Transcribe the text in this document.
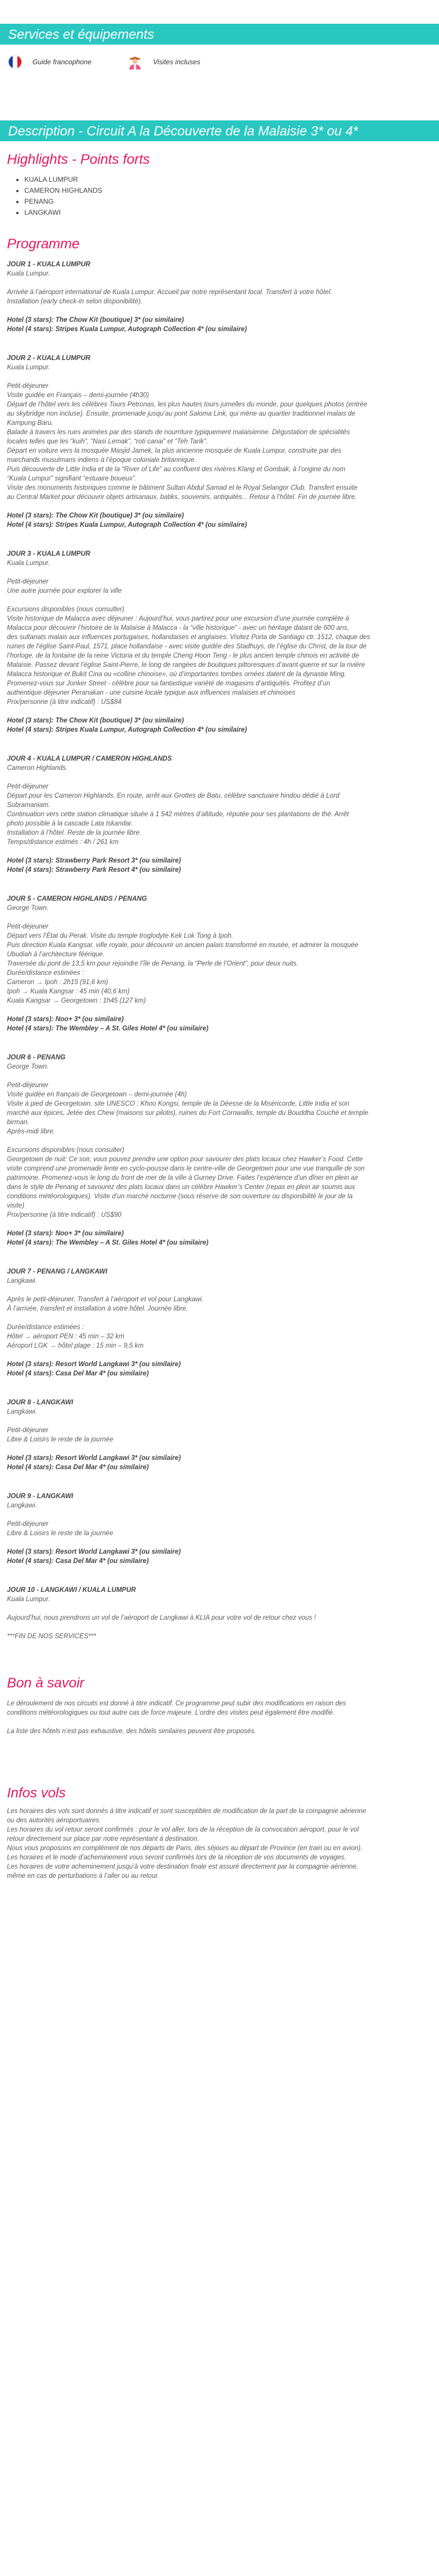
Services et équipements
Guide francophone	Visites incluses
Description - Circuit A la Découverte de la Malaisie 3* ou 4*
Highlights - Points forts
• KUALA LUMPUR
• CAMERON HIGHLANDS
• PENANG
• LANGKAWI
Programme
JOUR 1 - KUALA LUMPUR
Kuala Lumpur.
Arrivée à l’aéroport international de Kuala Lumpur. Accueil par notre représentant local. Transfert à votre hôtel.
Installation (early check-in selon disponibilité).
Hotel (3 stars): The Chow Kit (boutique) 3* (ou similaire)
Hotel (4 stars): Stripes Kuala Lumpur, Autograph Collection 4* (ou similaire)
JOUR 2 - KUALA LUMPUR
Kuala Lumpur.
Petit-déjeuner
Visite guidée en Français – demi-journée (4h30)
Départ de l’hôtel vers les célèbres Tours Petronas, les plus hautes tours jumelles du monde, pour quelques photos (entrée
au skybridge non incluse). Ensuite, promenade jusqu’au pont Saloma Link, qui mène au quartier traditionnel malais de
Kampung Baru.
Balade à travers les rues animées par des stands de nourriture typiquement malaisienne. Dégustation de spécialités
locales telles que les “kuih”, “Nasi Lemak”, “roti canai” et “Teh Tarik”.
Départ en voiture vers la mosquée Masjid Jamek, la plus ancienne mosquée de Kuala Lumpur, construite par des
marchands musulmans indiens à l’époque coloniale britannique.
Puis découverte de Little India et de la “River of Life” au confluent des rivières Klang et Gombak, à l’origine du nom
“Kuala Lumpur” signifiant “estuaire boueux”.
Visite des monuments historiques comme le bâtiment Sultan Abdul Samad et le Royal Selangor Club. Transfert ensuite
au Central Market pour découvrir objets artisanaux, batiks, souvenirs, antiquités... Retour à l’hôtel. Fin de journée libre.
Hotel (3 stars): The Chow Kit (boutique) 3* (ou similaire)
Hotel (4 stars): Stripes Kuala Lumpur, Autograph Collection 4* (ou similaire)
JOUR 3 - KUALA LUMPUR
Kuala Lumpur.
Petit-déjeuner
Une autre journée pour explorer la ville
Excursions disponibles (nous consulter)
Visite historique de Malacca avec déjeuner : Aujourd’hui, vous partirez pour une excursion d’une journée complète à
Malacca pour découvrir l’histoire de la Malaisie à Malacca - la “ville historique” - avec un héritage datant de 600 ans,
des sultanats malais aux influences portugaises, hollandaises et anglaises. Visitez Porta de Santiago ctr. 1512, chaque des
ruines de l’église Saint-Paul, 1571, place hollandaise - avec visite guidée des Stadhuys, de l’église du Christ, de la tour de
l’horloge, de la fontaine de la reine Victoria et du temple Cheng Hoon Teng - le plus ancien temple chinois en activité de
Malaisie. Passez devant l’église Saint-Pierre, le long de rangées de boutiques pittoresques d’avant-guerre et sur la rivière
Malacca historique et Bukit Cina ou «colline chinoise», où d’importantes tombes ornées datent de la dynastie Ming.
Promenez-vous sur Jonker Street - célèbre pour sa fantastique variété de magasins d’antiquités. Profitez d’un
authentique déjeuner Peranakan - une cuisine locale typique aux influences malaises et chinoises
Prix/personne (à titre indicatif) : US$84
Hotel (3 stars): The Chow Kit (boutique) 3* (ou similaire)
Hotel (4 stars): Stripes Kuala Lumpur, Autograph Collection 4* (ou similaire)
JOUR 4 - KUALA LUMPUR / CAMERON HIGHLANDS
Cameron Highlands.
Petit-déjeuner
Départ pour les Cameron Highlands. En route, arrêt aux Grottes de Batu, célèbre sanctuaire hindou dédié à Lord
Subramaniam.
Continuation vers cette station climatique située à 1 542 mètres d’altitude, réputée pour ses plantations de thé. Arrêt
photo possible à la cascade Lata Iskandar.
Installation à l’hôtel. Reste de la journée libre.
Temps/distance estimés : 4h / 261 km
Hotel (3 stars): Strawberry Park Resort 3* (ou similaire)
Hotel (4 stars): Strawberry Park Resort 4* (ou similaire)
JOUR 5 - CAMERON HIGHLANDS / PENANG
George Town.
Petit-déjeuner
Départ vers l’État du Perak. Visite du temple troglodyte Kek Lok Tong à Ipoh.
Puis direction Kuala Kangsar, ville royale, pour découvrir un ancien palais transformé en musée, et admirer la mosquée
Ubudiah à l’architecture féérique.
Traversée du pont de 13,5 km pour rejoindre l’île de Penang, la “Perle de l’Orient”, pour deux nuits.
Durée/distance estimées :
Cameron → Ipoh : 2h15 (91,6 km)
Ipoh → Kuala Kangsar : 45 min (40,6 km)
Kuala Kangsar → Georgetown : 1h45 (127 km)
Hotel (3 stars): Noo+ 3* (ou similaire)
Hotel (4 stars): The Wembley – A St. Giles Hotel 4* (ou similaire)
JOUR 6 - PENANG
George Town.
Petit-déjeuner
Visite guidée en français de Georgetown – demi-journée (4h)
Visite à pied de Georgetown, site UNESCO : Khoo Kongsi, temple de la Déesse de la Miséricorde, Little India et son
marché aux épices, Jetée des Chew (maisons sur pilotis), ruines du Fort Cornwallis, temple du Bouddha Couché et temple
birman.
Après-midi libre.
Excursions disponibles (nous consulter)
Georgetown de nuit: Ce soir, vous pouvez prendre une option pour savourer des plats locaux chez Hawker’s Food. Cette
visite comprend une promenade lente en cyclo-pousse dans le centre-ville de Georgetown pour une vue tranquille de son
patrimoine. Promenez-vous le long du front de mer de la ville à Gurney Drive. Faites l’expérience d’un dîner en plein air
dans le style de Penang et savourez des plats locaux dans un célèbre Hawker’s Center (repas en plein air soumis aux
conditions météorologiques). Visite d’un marché nocturne (sous réserve de son ouverture ou disponibilité le jour de la
visite)
Prix/personne (à titre indicatif) : US$90
Hotel (3 stars): Noo+ 3* (ou similaire)
Hotel (4 stars): The Wembley – A St. Giles Hotel 4* (ou similaire)
JOUR 7 - PENANG / LANGKAWI
Langkawi.
Après le petit-déjeuner, Transfert à l’aéroport et vol pour Langkawi.
À l’arrivée, transfert et installation à votre hôtel. Journée libre.
Durée/distance estimées :
Hôtel → aéroport PEN : 45 min – 32 km
Aéroport LGK → hôtel plage : 15 min – 9,5 km
Hotel (3 stars): Resort World Langkawi 3* (ou similaire)
Hotel (4 stars): Casa Del Mar 4* (ou similaire)
JOUR 8 - LANGKAWI
Langkawi.
Petit-déjeuner
Libre & Loisirs le reste de la journée
Hotel (3 stars): Resort World Langkawi 3* (ou similaire)
Hotel (4 stars): Casa Del Mar 4* (ou similaire)
JOUR 9 - LANGKAWI
Langkawi.
Petit-déjeuner
Libre & Loisirs le reste de la journée
Hotel (3 stars): Resort World Langkawi 3* (ou similaire)
Hotel (4 stars): Casa Del Mar 4* (ou similaire)
JOUR 10 - LANGKAWI / KUALA LUMPUR
Kuala Lumpur.
Aujourd’hui, nous prendrons un vol de l’aéroport de Langkawi à KLIA pour votre vol de retour chez vous !
***FIN DE NOS SERVICES***
Bon à savoir
Le déroulement de nos circuits est donné à titre indicatif. Ce programme peut subir des modifications en raison des
conditions météorologiques ou tout autre cas de force majeure. L’ordre des visites peut également être modifié.
La liste des hôtels n’est pas exhaustive, des hôtels similaires peuvent être proposés.
Infos vols
Les horaires des vols sont donnés à titre indicatif et sont susceptibles de modification de la part de la compagnie aérienne
ou des autorités aéroportuaires.
Les horaires du vol retour seront confirmés : pour le vol aller, lors de la réception de la convocation aéroport, pour le vol
retour directement sur place par notre représentant à destination.
Nous vous proposons en complément de nos départs de Paris, des séjours au départ de Province (en train ou en avion).
Les horaires et le mode d’acheminement vous seront confirmés lors de la réception de vos documents de voyages.
Les horaires de votre acheminement jusqu’à votre destination finale est assuré directement par la compagnie aérienne,
même en cas de perturbations à l’aller ou au retour.
